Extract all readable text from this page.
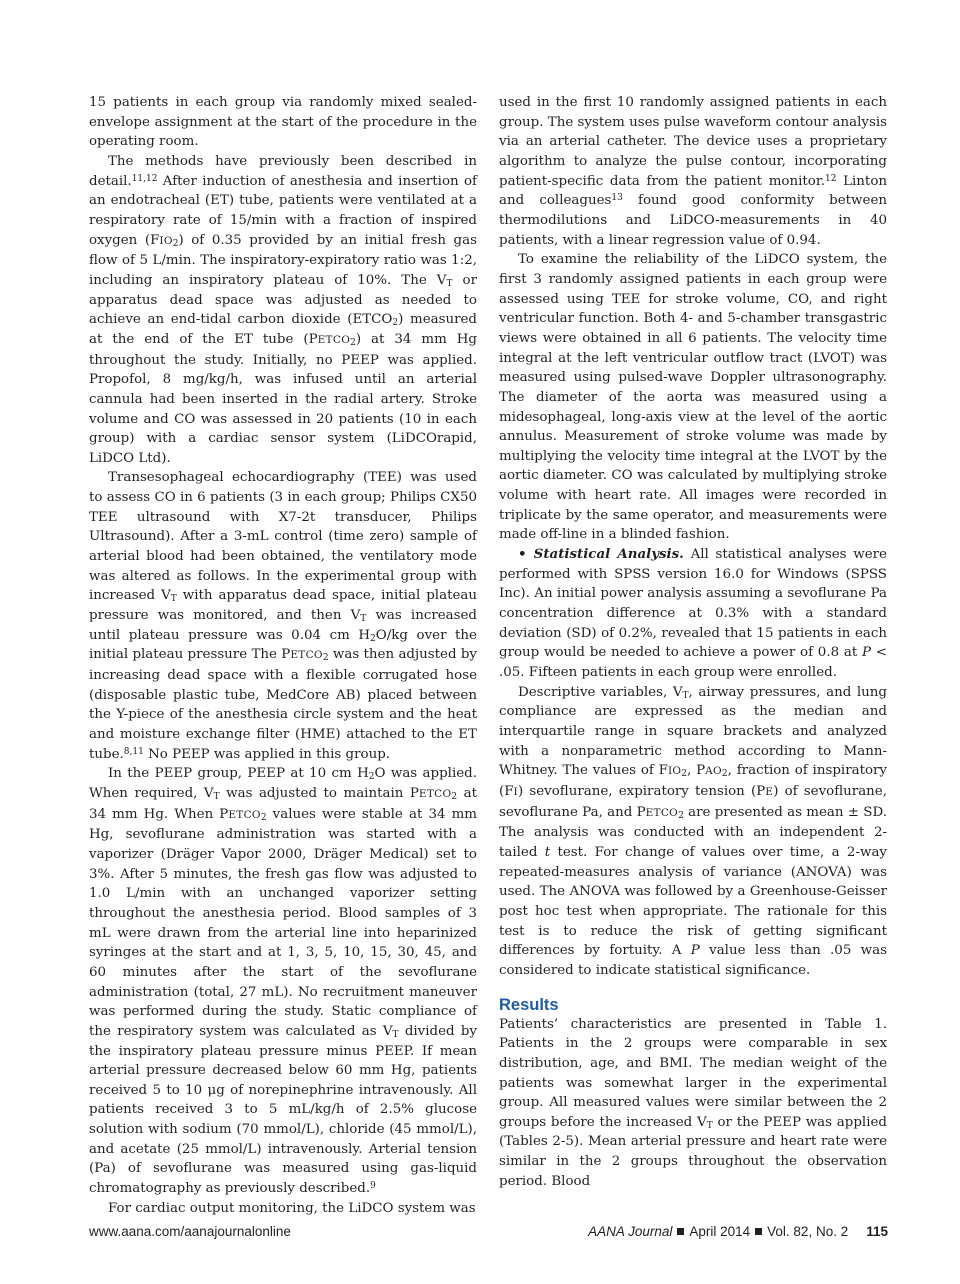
15 patients in each group via randomly mixed sealed-envelope assignment at the start of the procedure in the operating room.

The methods have previously been described in detail.$^{11,12}$ After induction of anesthesia and insertion of an endotracheal (ET) tube, patients were ventilated at a respiratory rate of 15/min with a fraction of inspired oxygen $(FIO_2)$ of 0.35 provided by an initial fresh gas flow of 5 L/min. The inspiratory-expiratory ratio was 1:2, including an inspiratory plateau of 10%. The $V_T$ or apparatus dead space was adjusted as needed to achieve an end-tidal carbon dioxide $(ETCO_2)$ measured at the end of the ET tube $(PETCO_2)$ at 34 mm Hg throughout the study. Initially, no PEEP was applied. Propofol, 8 mg/kg/h, was infused until an arterial cannula had been inserted in the radial artery. Stroke volume and CO was assessed in 20 patients (10 in each group) with a cardiac sensor system (LiDCOrapid, LiDCO Ltd).

Transesophageal echocardiography (TEE) was used to assess CO in 6 patients (3 in each group; Philips CX50 TEE ultrasound with X7-2t transducer, Philips Ultrasound). After a 3-mL control (time zero) sample of arterial blood had been obtained, the ventilatory mode was altered as follows. In the experimental group with increased $V_T$ with apparatus dead space, initial plateau pressure was monitored, and then $V_T$ was increased until plateau pressure was 0.04 cm $H_2O/kg$ over the initial plateau pressure The $PETCO_2$ was then adjusted by increasing dead space with a flexible corrugated hose (disposable plastic tube, MedCore AB) placed between the Y-piece of the anesthesia circle system and the heat and moisture exchange filter (HME) attached to the ET tube.$^{8,11}$ No PEEP was applied in this group.

In the PEEP group, PEEP at 10 cm $H_2O$ was applied. When required, $V_T$ was adjusted to maintain $PETCO_2$ at 34 mm Hg. When $PETCO_2$ values were stable at 34 mm Hg, sevoflurane administration was started with a vaporizer (Dräger Vapor 2000, Dräger Medical) set to 3%. After 5 minutes, the fresh gas flow was adjusted to 1.0 L/min with an unchanged vaporizer setting throughout the anesthesia period. Blood samples of 3 mL were drawn from the arterial line into heparinized syringes at the start and at 1, 3, 5, 10, 15, 30, 45, and 60 minutes after the start of the sevoflurane administration (total, 27 mL). No recruitment maneuver was performed during the study. Static compliance of the respiratory system was calculated as $V_T$ divided by the inspiratory plateau pressure minus PEEP. If mean arterial pressure decreased below 60 mm Hg, patients received 5 to 10 μg of norepinephrine intravenously. All patients received 3 to 5 mL/kg/h of 2.5% glucose solution with sodium (70 mmol/L), chloride (45 mmol/L), and acetate (25 mmol/L) intravenously. Arterial tension (Pa) of sevoflurane was measured using gas-liquid chromatography as previously described.$^9$

For cardiac output monitoring, the LiDCO system was

used in the first 10 randomly assigned patients in each group. The system uses pulse waveform contour analysis via an arterial catheter. The device uses a proprietary algorithm to analyze the pulse contour, incorporating patient-specific data from the patient monitor.$^{12}$ Linton and colleagues$^{13}$ found good conformity between thermodilutions and LiDCO-measurements in 40 patients, with a linear regression value of 0.94.

To examine the reliability of the LiDCO system, the first 3 randomly assigned patients in each group were assessed using TEE for stroke volume, CO, and right ventricular function. Both 4- and 5-chamber transgastric views were obtained in all 6 patients. The velocity time integral at the left ventricular outflow tract (LVOT) was measured using pulsed-wave Doppler ultrasonography. The diameter of the aorta was measured using a midesophageal, long-axis view at the level of the aortic annulus. Measurement of stroke volume was made by multiplying the velocity time integral at the LVOT by the aortic diameter. CO was calculated by multiplying stroke volume with heart rate. All images were recorded in triplicate by the same operator, and measurements were made off-line in a blinded fashion.

• Statistical Analysis. All statistical analyses were performed with SPSS version 16.0 for Windows (SPSS Inc). An initial power analysis assuming a sevoflurane Pa concentration difference at 0.3% with a standard deviation (SD) of 0.2%, revealed that 15 patients in each group would be needed to achieve a power of 0.8 at P < .05. Fifteen patients in each group were enrolled.

Descriptive variables, $V_T$, airway pressures, and lung compliance are expressed as the median and interquartile range in square brackets and analyzed with a nonparametric method according to Mann-Whitney. The values of $FIO_2$, $PAO_2$, fraction of inspiratory (FI) sevoflurane, expiratory tension (PE) of sevoflurane, sevoflurane Pa, and $PETCO_2$ are presented as mean ± SD. The analysis was conducted with an independent 2-tailed t test. For change of values over time, a 2-way repeated-measures analysis of variance (ANOVA) was used. The ANOVA was followed by a Greenhouse-Geisser post hoc test when appropriate. The rationale for this test is to reduce the risk of getting significant differences by fortuity. A P value less than .05 was considered to indicate statistical significance.

Results

Patients’ characteristics are presented in Table 1. Patients in the 2 groups were comparable in sex distribution, age, and BMI. The median weight of the patients was somewhat larger in the experimental group. All measured values were similar between the 2 groups before the increased $V_T$ or the PEEP was applied (Tables 2-5). Mean arterial pressure and heart rate were similar in the 2 groups throughout the observation period. Blood

www.aana.com/aanajournalonline	AANA Journal April 2014 Vol. 82, No. 2 115
